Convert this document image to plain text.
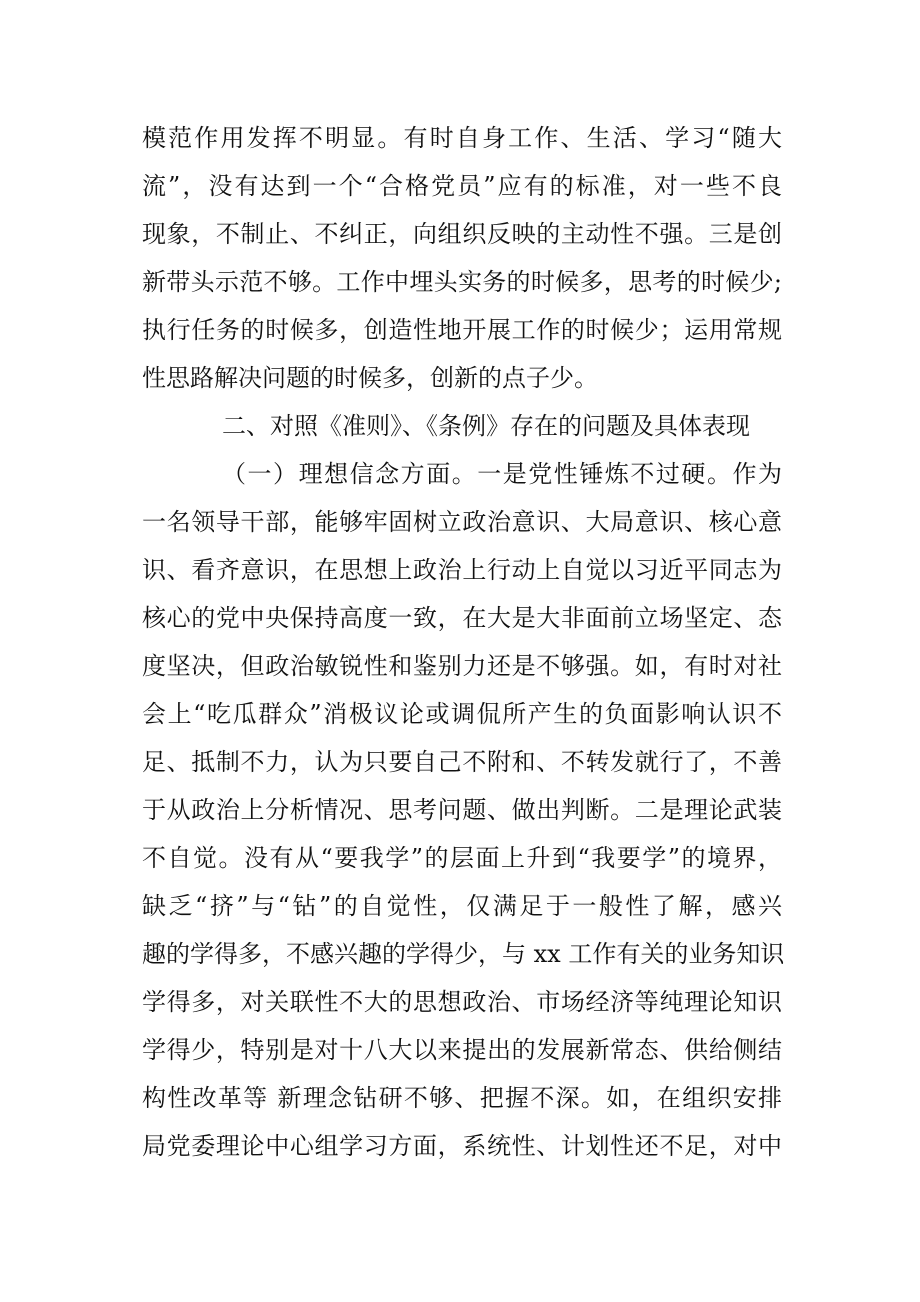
模范作用发挥不明显。有时自身工作、生活、学习“随大
流”，没有达到一个“合格党员”应有的标准，对一些不良
现象，不制止、不纠正，向组织反映的主动性不强。三是创
新带头示范不够。工作中埋头实务的时候多，思考的时候少;
执行任务的时候多，创造性地开展工作的时候少；运用常规
性思路解决问题的时候多，创新的点子少。
二、对照《准则》、《条例》存在的问题及具体表现
（一）理想信念方面。一是党性锤炼不过硬。作为
一名领导干部，能够牢固树立政治意识、大局意识、核心意
识、看齐意识，在思想上政治上行动上自觉以习近平同志为
核心的党中央保持高度一致，在大是大非面前立场坚定、态
度坚决，但政治敏锐性和鉴别力还是不够强。如，有时对社
会上“吃瓜群众”消极议论或调侃所产生的负面影响认识不
足、抵制不力，认为只要自己不附和、不转发就行了，不善
于从政治上分析情况、思考问题、做出判断。二是理论武装
不自觉。没有从“要我学”的层面上升到“我要学”的境界，
缺乏“挤”与“钻”的自觉性，仅满足于一般性了解，感兴
趣的学得多，不感兴趣的学得少，与 xx 工作有关的业务知识
学得多，对关联性不大的思想政治、市场经济等纯理论知识
学得少，特别是对十八大以来提出的发展新常态、供给侧结
构性改革等 新理念钻研不够、把握不深。如，在组织安排
局党委理论中心组学习方面，系统性、计划性还不足，对中
